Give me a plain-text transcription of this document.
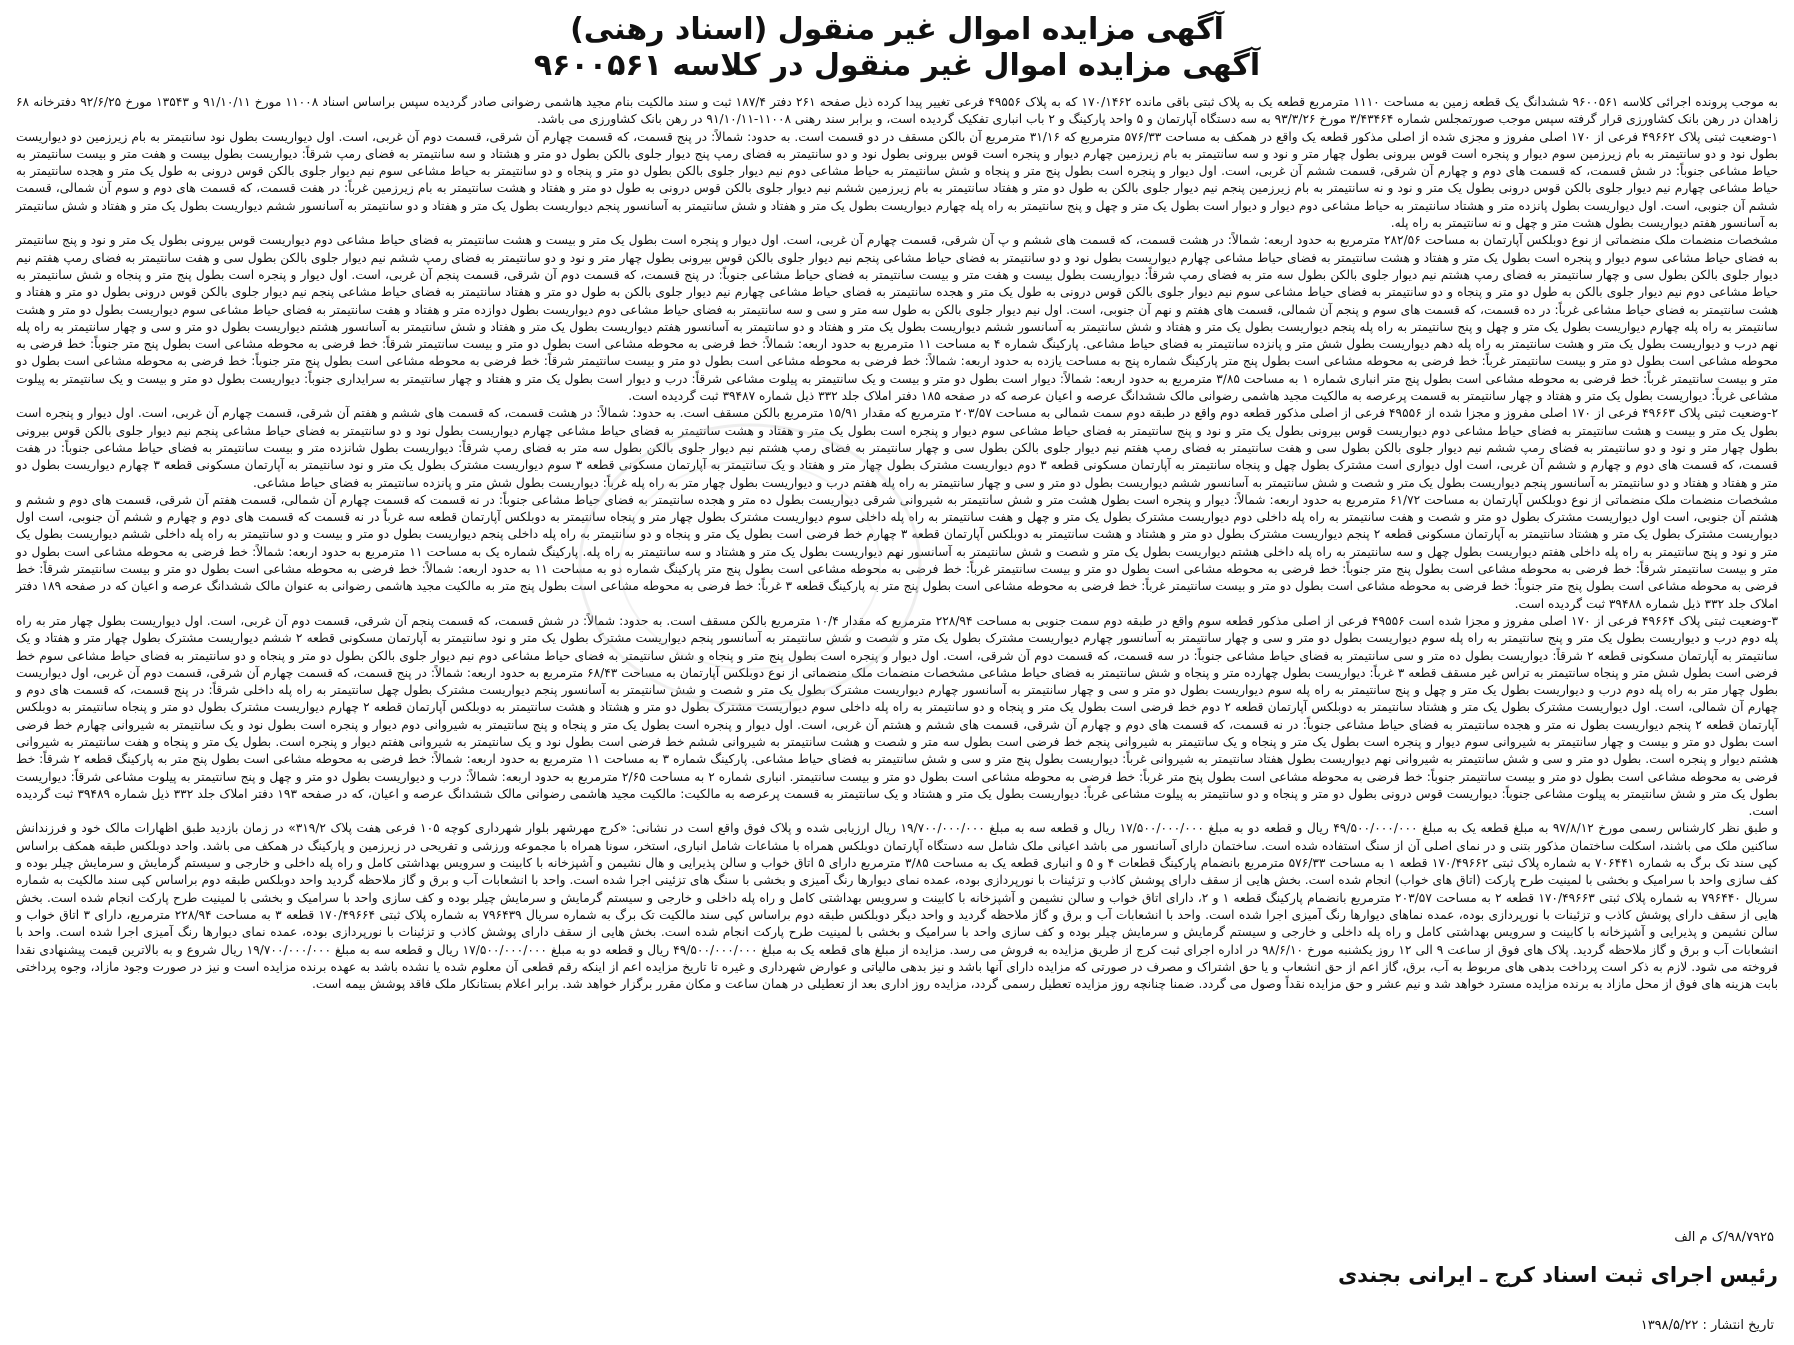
آگهی مزایده اموال غیر منقول (اسناد رهنی)
آگهی مزایده اموال غیر منقول در کلاسه ۹۶۰۰۵۶۱

به موجب پرونده اجرائی کلاسه ۹۶۰۰۵۶۱ ششدانگ یک قطعه زمین به مساحت ۱۱۱۰ مترمربع قطعه یک به پلاک ثبتی باقی مانده ۱۷۰/۱۴۶۲ که به پلاک ۴۹۵۵۶ فرعی تغییر پیدا کرده ذیل صفحه ۲۶۱ دفتر ۱۸۷/۴ ثبت و سند مالکیت بنام مجید هاشمی رضوانی صادر گردیده سپس براساس اسناد ۱۱۰۰۸ مورخ ۹۱/۱۰/۱۱ و ۱۳۵۴۳ مورخ ۹۲/۶/۲۵ دفترخانه ۶۸ زاهدان در رهن بانک کشاورزی قرار گرفته سپس موجب صورتمجلس شماره ۳/۴۳۴۶۴ مورخ ۹۳/۳/۲۶ به سه دستگاه آپارتمان و ۵ واحد پارکینگ و ۲ باب انباری تفکیک گردیده است، و برابر سند رهنی ۱۱۰۰۸-۹۱/۱۰/۱۱ در رهن بانک کشاورزی می باشد.

۱-وضعیت ثبتی پلاک ۴۹۶۶۲ فرعی از ۱۷۰ اصلی مفروز و مجزی شده از اصلی مذکور قطعه یک واقع در همکف به مساحت ۵۷۶/۳۳ مترمربع که ۳۱/۱۶ مترمربع آن بالکن مسقف در دو قسمت است. به حدود: شمالاً: در پنج قسمت، که قسمت چهارم آن شرقی، قسمت دوم آن غربی، است. اول دیواریست بطول نود سانتیمتر به بام زیرزمین دو دیواریست بطول نود و دو سانتیمتر به بام زیرزمین سوم دیوار و پنجره است قوس بیرونی بطول چهار متر و نود و سه سانتیمتر به بام زیرزمین چهارم دیوار و پنجره است قوس بیرونی بطول نود و دو سانتیمتر به فضای رمپ پنج دیوار جلوی بالکن بطول دو متر و هشتاد و سه سانتیمتر به فضای رمپ شرقاً: دیواریست بطول بیست و هفت متر و بیست سانتیمتر به حیاط مشاعی جنوباً: در شش قسمت، که قسمت های دوم و چهارم آن شرقی، قسمت ششم آن غربی، است. اول دیوار و پنجره است بطول پنج متر و پنجاه و شش سانتیمتر به حیاط مشاعی دوم نیم دیوار جلوی بالکن بطول دو متر و پنجاه و دو سانتیمتر به حیاط مشاعی سوم نیم دیوار جلوی بالکن قوس درونی به طول یک متر و هجده سانتیمتر به حیاط مشاعی چهارم نیم دیوار جلوی بالکن قوس درونی بطول یک متر و نود و نه سانتیمتر به بام زیرزمین پنجم نیم دیوار جلوی بالکن به طول دو متر و هفتاد سانتیمتر به بام زیرزمین ششم نیم دیوار جلوی بالکن قوس درونی به طول دو متر و هفتاد و هشت سانتیمتر به بام زیرزمین غرباً: در هفت قسمت، که قسمت های دوم و سوم آن شمالی، قسمت ششم آن جنوبی، است. اول دیواریست بطول پانزده متر و هشتاد سانتیمتر به حیاط مشاعی دوم دیوار و دیوار است بطول یک متر و چهل و پنج سانتیمتر به راه پله چهارم دیواریست بطول یک متر و هفتاد و شش سانتیمتر به آسانسور پنجم دیواریست بطول یک متر و هفتاد و دو سانتیمتر به آسانسور ششم دیواریست بطول یک متر و هفتاد و شش سانتیمتر به آسانسور هفتم دیواریست بطول هشت متر و چهل و نه سانتیمتر به راه پله.

مشخصات منضمات ملک منضماتی از نوع دوبلکس آپارتمان به مساحت ۲۸۲/۵۶ مترمربع به حدود اربعه: شمالاً: در هشت قسمت، که قسمت های ششم و پ آن شرقی، قسمت چهارم آن غربی، است. اول دیوار و پنجره است بطول یک متر و بیست و هشت سانتیمتر به فضای حیاط مشاعی دوم دیواریست قوس بیرونی بطول یک متر و نود و پنج سانتیمتر به فضای حیاط مشاعی سوم دیوار و پنجره است بطول یک متر و هفتاد و هشت سانتیمتر به فضای حیاط مشاعی چهارم دیواریست بطول نود و دو سانتیمتر به فضای حیاط مشاعی پنجم نیم دیوار جلوی بالکن قوس بیرونی بطول چهار متر و نود و دو سانتیمتر به فضای رمپ ششم نیم دیوار جلوی بالکن بطول سی و هفت سانتیمتر به فضای رمپ هفتم نیم دیوار جلوی بالکن بطول سی و چهار سانتیمتر به فضای رمپ هشتم نیم دیوار جلوی بالکن بطول سه متر به فضای رمپ شرقاً: دیواریست بطول بیست و هفت متر و بیست سانتیمتر به فضای حیاط مشاعی جنوباً: در پنج قسمت، که قسمت دوم آن شرقی، قسمت پنجم آن غربی، است. اول دیوار و پنجره است بطول پنج متر و پنجاه و شش سانتیمتر به حیاط مشاعی دوم نیم دیوار جلوی بالکن به طول دو متر و پنجاه و دو سانتیمتر به فضای حیاط مشاعی سوم نیم دیوار جلوی بالکن قوس درونی به طول یک متر و هجده سانتیمتر به فضای حیاط مشاعی چهارم نیم دیوار جلوی بالکن به طول دو متر و هفتاد سانتیمتر به فضای حیاط مشاعی پنجم نیم دیوار جلوی بالکن قوس درونی بطول دو متر و هفتاد و هشت سانتیمتر به فضای حیاط مشاعی غرباً: در ده قسمت، که قسمت های سوم و پنجم آن شمالی، قسمت های هفتم و نهم آن جنوبی، است. اول نیم دیوار جلوی بالکن به طول سه متر و سی و سه سانتیمتر به فضای حیاط مشاعی دوم دیواریست بطول دوازده متر و هفتاد و هفت سانتیمتر به فضای حیاط مشاعی سوم دیواریست بطول دو متر و هشت سانتیمتر به راه پله چهارم دیواریست بطول یک متر و چهل و پنج سانتیمتر به راه پله پنجم دیواریست بطول یک متر و هفتاد و شش سانتیمتر به آسانسور ششم دیواریست بطول یک متر و هفتاد و دو سانتیمتر به آسانسور هفتم دیواریست بطول یک متر و هفتاد و شش سانتیمتر به آسانسور هشتم دیواریست بطول دو متر و سی و چهار سانتیمتر به راه پله نهم درب و دیواریست بطول یک متر و هشت سانتیمتر به راه پله دهم دیواریست بطول شش متر و پانزده سانتیمتر به فضای حیاط مشاعی. پارکینگ شماره ۴ به مساحت ۱۱ مترمربع به حدود اربعه: شمالاً: خط فرضی به محوطه مشاعی است بطول دو متر و بیست سانتیمتر شرقاً: خط فرضی به محوطه مشاعی است بطول پنج متر جنوباً: خط فرضی به محوطه مشاعی است بطول دو متر و بیست سانتیمتر غرباً: خط فرضی به محوطه مشاعی است بطول پنج متر پارکینگ شماره پنج به مساحت یازده به حدود اربعه: شمالاً: خط فرضی به محوطه مشاعی است بطول دو متر و بیست سانتیمتر شرقاً: خط فرضی به محوطه مشاعی است بطول پنج متر جنوباً: خط فرضی به محوطه مشاعی است بطول دو متر و بیست سانتیمتر غرباً: خط فرضی به محوطه مشاعی است بطول پنج متر انباری شماره ۱ به مساحت ۳/۸۵ مترمربع به حدود اربعه: شمالاً: دیوار است بطول دو متر و بیست و یک سانتیمتر به پیلوت مشاعی شرقاً: درب و دیوار است بطول یک متر و هفتاد و چهار سانتیمتر به سرایداری جنوباً: دیواریست بطول دو متر و بیست و یک سانتیمتر به پیلوت مشاعی غرباً: دیواریست بطول یک متر و هفتاد و چهار سانتیمتر به قسمت پرعرصه به مالکیت مجید هاشمی رضوانی مالک ششدانگ عرصه و اعیان عرصه که در صفحه ۱۸۵ دفتر املاک جلد ۳۳۲ ذیل شماره ۳۹۴۸۷ ثبت گردیده است.

۲-وضعیت ثبتی پلاک ۴۹۶۶۳ فرعی از ۱۷۰ اصلی مفروز و مجزا شده از ۴۹۵۵۶ فرعی از اصلی مذکور قطعه دوم واقع در طبقه دوم سمت شمالی به مساحت ۲۰۳/۵۷ مترمربع که مقدار ۱۵/۹۱ مترمربع بالکن مسقف است. به حدود: شمالاً: در هشت قسمت، که قسمت های ششم و هفتم آن شرقی، قسمت چهارم آن غربی، است. اول دیوار و پنجره است بطول یک متر و بیست و هشت سانتیمتر به فضای حیاط مشاعی دوم دیواریست قوس بیرونی بطول یک متر و نود و پنج سانتیمتر به فضای حیاط مشاعی سوم دیوار و پنجره است بطول یک متر و هفتاد و هشت سانتیمتر به فضای حیاط مشاعی چهارم دیواریست بطول نود و دو سانتیمتر به فضای حیاط مشاعی پنجم نیم دیوار جلوی بالکن قوس بیرونی بطول چهار متر و نود و دو سانتیمتر به فضای رمپ ششم نیم دیوار جلوی بالکن بطول سی و هفت سانتیمتر به فضای رمپ هفتم نیم دیوار جلوی بالکن بطول سی و چهار سانتیمتر به فضای رمپ هشتم نیم دیوار جلوی بالکن بطول سه متر به فضای رمپ شرقاً: دیواریست بطول شانزده متر و بیست سانتیمتر به فضای حیاط مشاعی جنوباً: در هفت قسمت، که قسمت های دوم و چهارم و ششم آن غربی، است اول دیواری است مشترک بطول چهل و پنجاه سانتیمتر به آپارتمان مسکونی قطعه ۳ دوم دیواریست مشترک بطول چهار متر و هفتاد و یک سانتیمتر به آپارتمان مسکونی قطعه ۳ سوم دیواریست مشترک بطول یک متر و نود سانتیمتر به آپارتمان مسکونی قطعه ۳ چهارم دیواریست بطول دو متر و هفتاد و هفتاد و دو سانتیمتر به آسانسور پنجم دیواریست بطول یک متر و شصت و شش سانتیمتر به آسانسور ششم دیواریست بطول دو متر و سی و چهار سانتیمتر به راه پله هفتم درب و دیواریست بطول چهار متر به راه پله غرباً: دیواریست بطول شش متر و پانزده سانتیمتر به فضای حیاط مشاعی.

مشخصات منضمات ملک منضماتی از نوع دوبلکس آپارتمان به مساحت ۶۱/۷۲ مترمربع به حدود اربعه: شمالاً: دیوار و پنجره است بطول هشت متر و شش سانتیمتر به شیروانی شرقی دیواریست بطول ده متر و هجده سانتیمتر به فضای حیاط مشاعی جنوباً: در نه قسمت که قسمت چهارم آن شمالی، قسمت هفتم آن شرقی، قسمت های دوم و ششم و هشتم آن جنوبی، است اول دیواریست مشترک بطول دو متر و شصت و هفت سانتیمتر به راه پله داخلی دوم دیواریست مشترک بطول یک متر و چهل و هفت سانتیمتر به راه پله داخلی سوم دیواریست مشترک بطول چهار متر و پنجاه سانتیمتر به دوبلکس آپارتمان قطعه سه غرباً در نه قسمت که قسمت های دوم و چهارم و ششم آن جنوبی، است اول دیواریست مشترک بطول یک متر و هشتاد سانتیمتر به آپارتمان مسکونی قطعه ۲ پنجم دیواریست مشترک بطول دو متر و هشتاد و هشت سانتیمتر به دوبلکس آپارتمان قطعه ۳ چهارم خط فرضی است بطول یک متر و پنجاه و دو سانتیمتر به راه پله داخلی پنجم دیواریست بطول دو متر و بیست و دو سانتیمتر به راه پله داخلی ششم دیواریست بطول یک متر و نود و پنج سانتیمتر به راه پله داخلی هفتم دیواریست بطول چهل و سه سانتیمتر به راه پله داخلی هشتم دیواریست بطول یک متر و شصت و شش سانتیمتر به آسانسور نهم دیواریست بطول یک متر و هشتاد و سه سانتیمتر به راه پله. پارکینگ شماره یک به مساحت ۱۱ مترمربع به حدود اربعه: شمالاً: خط فرضی به محوطه مشاعی است بطول دو متر و بیست سانتیمتر شرقاً: خط فرضی به محوطه مشاعی است بطول پنج متر جنوباً: خط فرضی به محوطه مشاعی است بطول دو متر و بیست سانتیمتر غرباً: خط فرضی به محوطه مشاعی است بطول پنج متر پارکینگ شماره دو به مساحت ۱۱ به حدود اربعه: شمالاً: خط فرضی به محوطه مشاعی است بطول دو متر و بیست سانتیمتر شرقاً: خط فرضی به محوطه مشاعی است بطول پنج متر جنوباً: خط فرضی به محوطه مشاعی است بطول دو متر و بیست سانتیمتر غرباً: خط فرضی به محوطه مشاعی است بطول پنج متر به پارکینگ قطعه ۳ غرباً: خط فرضی به محوطه مشاعی است بطول پنج متر به مالکیت مجید هاشمی رضوانی به عنوان مالک ششدانگ عرصه و اعیان که در صفحه ۱۸۹ دفتر املاک جلد ۳۳۲ ذیل شماره ۳۹۴۸۸ ثبت گردیده است.

۳-وضعیت ثبتی پلاک ۴۹۶۶۴ فرعی از ۱۷۰ اصلی مفروز و مجزا شده است ۴۹۵۵۶ فرعی از اصلی مذکور قطعه سوم واقع در طبقه دوم سمت جنوبی به مساحت ۲۲۸/۹۴ مترمربع که مقدار ۱۰/۴ مترمربع بالکن مسقف است. به حدود: شمالاً: در شش قسمت، که قسمت پنجم آن شرقی، قسمت دوم آن غربی، است. اول دیواریست بطول چهار متر به راه پله دوم درب و دیواریست بطول یک متر و پنج سانتیمتر به راه پله سوم دیواریست بطول دو متر و سی و چهار سانتیمتر به آسانسور چهارم دیواریست مشترک بطول یک متر و شصت و شش سانتیمتر به آسانسور پنجم دیواریست مشترک بطول یک متر و نود سانتیمتر به آپارتمان مسکونی قطعه ۲ ششم دیواریست مشترک بطول چهار متر و هفتاد و یک سانتیمتر به آپارتمان مسکونی قطعه ۲ شرقاً: دیواریست بطول ده متر و سی سانتیمتر به فضای حیاط مشاعی جنوباً: در سه قسمت، که قسمت دوم آن شرقی، است. اول دیوار و پنجره است بطول پنج متر و پنجاه و شش سانتیمتر به فضای حیاط مشاعی دوم نیم دیوار جلوی بالکن بطول دو متر و پنجاه و دو سانتیمتر به فضای حیاط مشاعی سوم خط فرضی است بطول شش متر و پنجاه سانتیمتر به تراس غیر مسقف قطعه ۳ غرباً: دیواریست بطول چهارده متر و پنجاه و شش سانتیمتر به فضای حیاط مشاعی مشخصات منضمات ملک منضماتی از نوع دوبلکس آپارتمان به مساحت ۶۸/۴۳ مترمربع به حدود اربعه: شمالاً: در پنج قسمت، که قسمت چهارم آن شرقی، قسمت دوم آن غربی، اول دیواریست بطول چهار متر به راه پله دوم درب و دیواریست بطول یک متر و چهل و پنج سانتیمتر به راه پله سوم دیواریست بطول دو متر و سی و چهار سانتیمتر به آسانسور چهارم دیواریست مشترک بطول یک متر و شصت و شش سانتیمتر به آسانسور پنجم دیواریست مشترک بطول چهل سانتیمتر به راه پله داخلی شرقاً: در پنج قسمت، که قسمت های دوم و چهارم آن شمالی، است. اول دیواریست مشترک بطول یک متر و هشتاد سانتیمتر به دوبلکس آپارتمان قطعه ۲ دوم خط فرضی است بطول یک متر و پنجاه و دو سانتیمتر به راه پله داخلی سوم دیواریست مشترک بطول دو متر و هشتاد و هشت سانتیمتر به دوبلکس آپارتمان قطعه ۲ چهارم دیواریست مشترک بطول دو متر و پنجاه سانتیمتر به دوبلکس آپارتمان قطعه ۲ پنجم دیواریست بطول نه متر و هجده سانتیمتر به فضای حیاط مشاعی جنوباً: در نه قسمت، که قسمت های دوم و چهارم آن شرقی، قسمت های ششم و هشتم آن غربی، است. اول دیوار و پنجره است بطول یک متر و پنجاه و پنج سانتیمتر به شیروانی دوم دیوار و پنجره است بطول نود و یک سانتیمتر به شیروانی چهارم خط فرضی است بطول دو متر و بیست و چهار سانتیمتر به شیروانی سوم دیوار و پنجره است بطول یک متر و پنجاه و یک سانتیمتر به شیروانی پنجم خط فرضی است بطول سه متر و شصت و هشت سانتیمتر به شیروانی ششم خط فرضی است بطول نود و یک سانتیمتر به شیروانی هفتم دیوار و پنجره است. بطول یک متر و پنجاه و هفت سانتیمتر به شیروانی هشتم دیوار و پنجره است. بطول دو متر و سی و شش سانتیمتر به شیروانی نهم دیواریست بطول هفتاد سانتیمتر به شیروانی غرباً: دیواریست بطول پنج متر و سی و شش سانتیمتر به فضای حیاط مشاعی. پارکینگ شماره ۳ به مساحت ۱۱ مترمربع به حدود اربعه: شمالاً: خط فرضی به محوطه مشاعی است بطول پنج متر به پارکینگ قطعه ۲ شرقاً: خط فرضی به محوطه مشاعی است بطول دو متر و بیست سانتیمتر جنوباً: خط فرضی به محوطه مشاعی است بطول پنج متر غرباً: خط فرضی به محوطه مشاعی است بطول دو متر و بیست سانتیمتر. انباری شماره ۲ به مساحت ۲/۶۵ مترمربع به حدود اربعه: شمالاً: درب و دیواریست بطول دو متر و چهل و پنج سانتیمتر به پیلوت مشاعی شرقاً: دیواریست بطول یک متر و شش سانتیمتر به پیلوت مشاعی جنوباً: دیواریست قوس درونی بطول دو متر و پنجاه و دو سانتیمتر به پیلوت مشاعی غرباً: دیواریست بطول یک متر و هشتاد و یک سانتیمتر به قسمت پرعرصه به مالکیت: مالکیت مجید هاشمی رضوانی مالک ششدانگ عرصه و اعیان، که در صفحه ۱۹۳ دفتر املاک جلد ۳۳۲ ذیل شماره ۳۹۴۸۹ ثبت گردیده است.

و طبق نظر کارشناس رسمی مورخ ۹۷/۸/۱۲ به مبلغ قطعه یک به مبلغ ۴۹/۵۰۰/۰۰۰/۰۰۰ ریال و قطعه دو به مبلغ ۱۷/۵۰۰/۰۰۰/۰۰۰ ریال و قطعه سه به مبلغ ۱۹/۷۰۰/۰۰۰/۰۰۰ ریال ارزیابی شده و پلاک فوق واقع است در نشانی: «کرج مهرشهر بلوار شهرداری کوچه ۱۰۵ فرعی هفت پلاک ۳۱۹/۲» در زمان بازدید طبق اظهارات مالک خود و فرزندانش ساکنین ملک می باشند، اسکلت ساختمان مذکور بتنی و در نمای اصلی آن از سنگ استفاده شده است. ساختمان دارای آسانسور می باشد اعیانی ملک شامل سه دستگاه آپارتمان دوبلکس همراه با مشاعات شامل انباری، استخر، سونا همراه با مجموعه ورزشی و تفریحی در زیرزمین و پارکینگ در همکف می باشد. واحد دوبلکس طبقه همکف براساس کپی سند تک برگ به شماره ۷۰۶۴۴۱ به شماره پلاک ثبتی ۱۷۰/۴۹۶۶۲ قطعه ۱ به مساحت ۵۷۶/۳۳ مترمربع بانضمام پارکینگ قطعات ۴ و ۵ و انباری قطعه یک به مساحت ۳/۸۵ مترمربع دارای ۵ اتاق خواب و سالن پذیرایی و هال نشیمن و آشپزخانه با کابینت و سرویس بهداشتی کامل و راه پله داخلی و خارجی و سیستم گرمایش و سرمایش چیلر بوده و کف سازی واحد با سرامیک و بخشی با لمینیت طرح پارکت (اتاق های خواب) انجام شده است. بخش هایی از سقف دارای پوشش کاذب و تزئینات با نورپردازی بوده، عمده نمای دیوارها رنگ آمیزی و بخشی با سنگ های تزئینی اجرا شده است. واحد با انشعابات آب و برق و گاز ملاحظه گردید واحد دوبلکس طبقه دوم براساس کپی سند مالکیت به شماره سریال ۷۹۶۴۴۰ به شماره پلاک ثبتی ۱۷۰/۴۹۶۶۳ قطعه ۲ به مساحت ۲۰۳/۵۷ مترمربع بانضمام پارکینگ قطعه ۱ و ۲، دارای اتاق خواب و سالن نشیمن و آشپزخانه با کابینت و سرویس بهداشتی کامل و راه پله داخلی و خارجی و سیستم گرمایش و سرمایش چیلر بوده و کف سازی واحد با سرامیک و بخشی با لمینیت طرح پارکت انجام شده است. بخش هایی از سقف دارای پوشش کاذب و تزئینات با نورپردازی بوده، عمده نماهای دیوارها رنگ آمیزی اجرا شده است. واحد با انشعابات آب و برق و گاز ملاحظه گردید و واحد دیگر دوبلکس طبقه دوم براساس کپی سند مالکیت تک برگ به شماره سریال ۷۹۶۴۳۹ به شماره پلاک ثبتی ۱۷۰/۴۹۶۶۴ قطعه ۳ به مساحت ۲۲۸/۹۴ مترمربع، دارای ۳ اتاق خواب و سالن نشیمن و پذیرایی و آشپزخانه با کابینت و سرویس بهداشتی کامل و راه پله داخلی و خارجی و سیستم گرمایش و سرمایش چیلر بوده و کف سازی واحد با سرامیک و بخشی با لمینیت طرح پارکت انجام شده است. بخش هایی از سقف دارای پوشش کاذب و تزئینات با نورپردازی بوده، عمده نمای دیوارها رنگ آمیزی اجرا شده است. واحد با انشعابات آب و برق و گاز ملاحظه گردید. پلاک های فوق از ساعت ۹ الی ۱۲ روز یکشنبه مورخ ۹۸/۶/۱۰ در اداره اجرای ثبت کرج از طریق مزایده به فروش می رسد. مزایده از مبلغ های قطعه یک به مبلغ ۴۹/۵۰۰/۰۰۰/۰۰۰ ریال و قطعه دو به مبلغ ۱۷/۵۰۰/۰۰۰/۰۰۰ ریال و قطعه سه به مبلغ ۱۹/۷۰۰/۰۰۰/۰۰۰ ریال شروع و به بالاترین قیمت پیشنهادی نقدا فروخته می شود. لازم به ذکر است پرداخت بدهی های مربوط به آب، برق، گاز اعم از حق انشعاب و یا حق اشتراک و مصرف در صورتی که مزایده دارای آنها باشد و نیز بدهی مالیاتی و عوارض شهرداری و غیره تا تاریخ مزایده اعم از اینکه رقم قطعی آن معلوم شده یا نشده باشد به عهده برنده مزایده است و نیز در صورت وجود مازاد، وجوه پرداختی بابت هزینه های فوق از محل مازاد به برنده مزایده مسترد خواهد شد و نیم عشر و حق مزایده نقداً وصول می گردد. ضمنا چنانچه روز مزایده تعطیل رسمی گردد، مزایده روز اداری بعد از تعطیلی در همان ساعت و مکان مقرر برگزار خواهد شد. برابر اعلام بستانکار ملک فاقد پوشش بیمه است.

۹۸/۷۹۲۵/ک م الف
رئیس اجرای ثبت اسناد کرج ـ ایرانی بجندی
تاریخ انتشار : ۱۳۹۸/۵/۲۲
